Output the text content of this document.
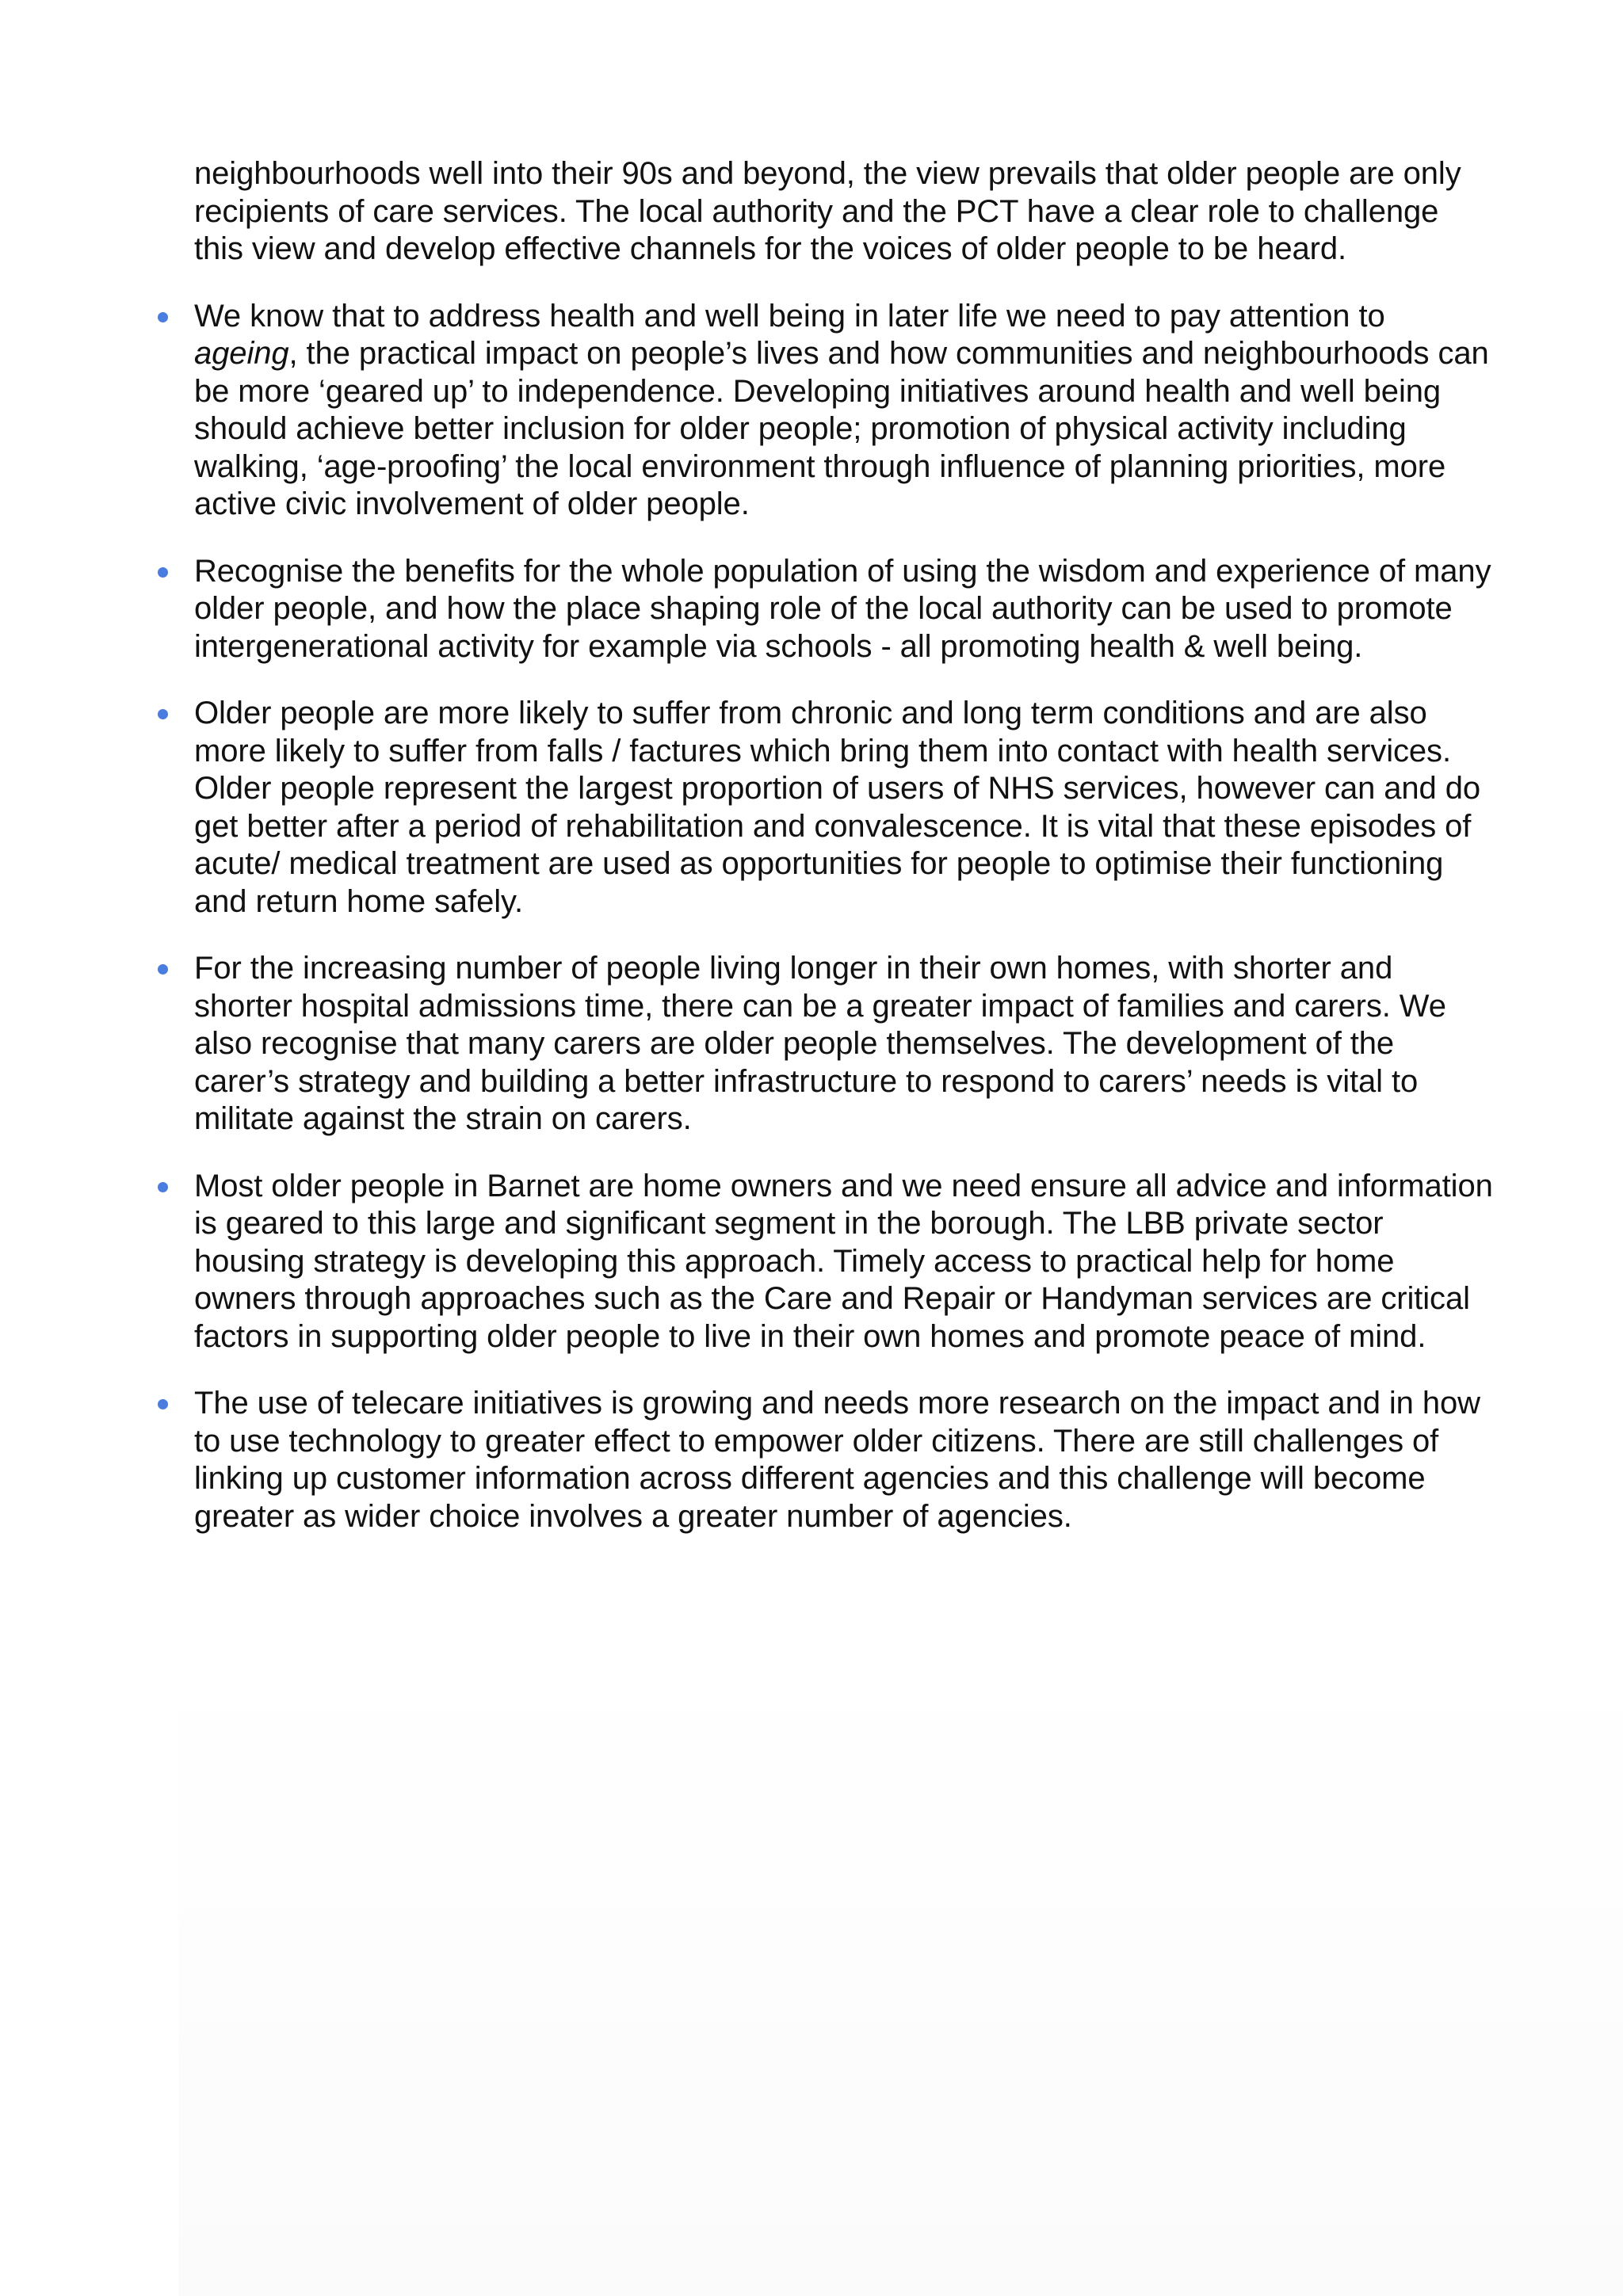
neighbourhoods well into their 90s and beyond, the view prevails that older people are only recipients of care services. The local authority and the PCT have a clear role to challenge this view and develop effective channels for the voices of older people to be heard.

We know that to address health and well being in later life we need to pay attention to ageing, the practical impact on people’s lives and how communities and neighbourhoods can be more ‘geared up’ to independence. Developing initiatives around health and well being should achieve better inclusion for older people; promotion of physical activity including walking, ‘age-proofing’ the local environment through influence of planning priorities, more active civic involvement of older people.
Recognise the benefits for the whole population of using the wisdom and experience of many older people, and how the place shaping role of the local authority can be used to promote intergenerational activity for example via schools - all promoting health & well being.
Older people are more likely to suffer from chronic and long term conditions and are also more likely to suffer from falls / factures which bring them into contact with health services. Older people represent the largest proportion of users of NHS services, however can and do get better after a period of rehabilitation and convalescence. It is vital that these episodes of acute/ medical treatment are used as opportunities for people to optimise their functioning and return home safely.
For the increasing number of people living longer in their own homes, with shorter and shorter hospital admissions time, there can be a greater impact of families and carers. We also recognise that many carers are older people themselves. The development of the carer’s strategy and building a better infrastructure to respond to carers’ needs is vital to militate against the strain on carers.
Most older people in Barnet are home owners and we need ensure all advice and information is geared to this large and significant segment in the borough. The LBB private sector housing strategy is developing this approach. Timely access to practical help for home owners through approaches such as the Care and Repair or Handyman services are critical factors in supporting older people to live in their own homes and promote peace of mind.
The use of telecare initiatives is growing and needs more research on the impact and in how to use technology to greater effect to empower older citizens. There are still challenges of linking up customer information across different agencies and this challenge will become greater as wider choice involves a greater number of agencies.
